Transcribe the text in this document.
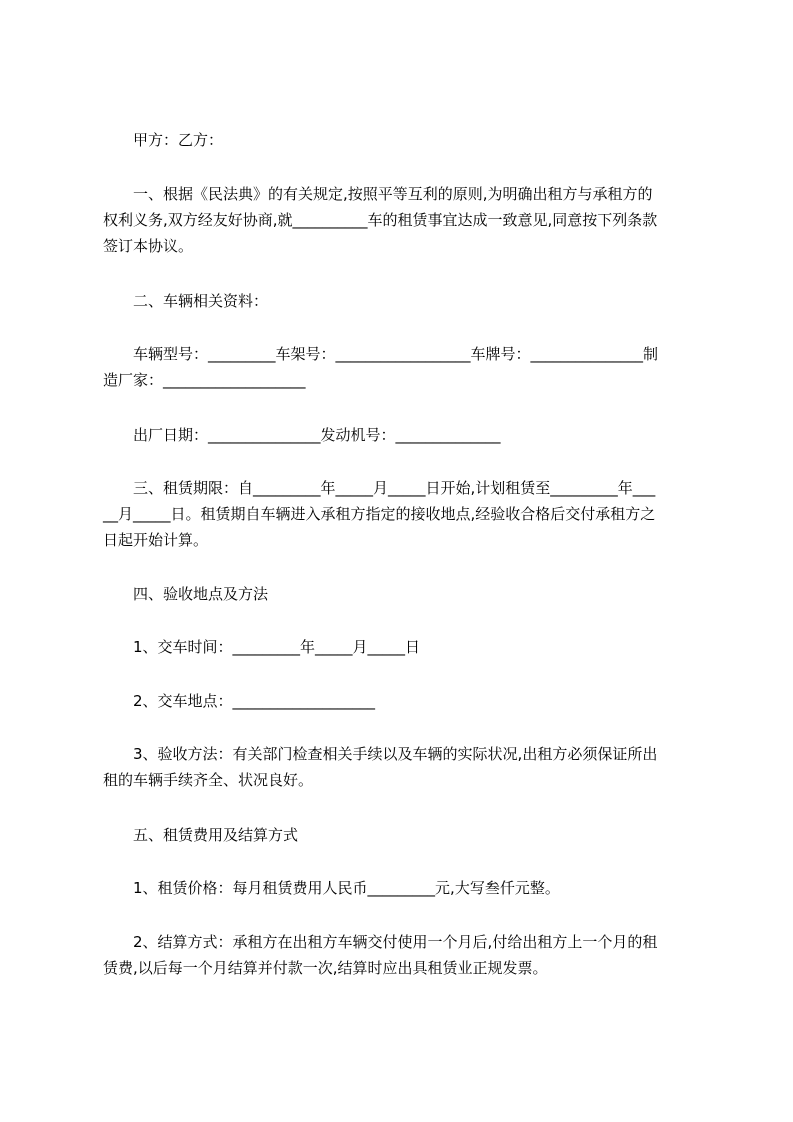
　　甲方：乙方：
　　一、根据《民法典》的有关规定,按照平等互利的原则,为明确出租方与承租方的
权利义务,双方经友好协商,就__________车的租赁事宜达成一致意见,同意按下列条款
签订本协议。
　　二、车辆相关资料：
　　车辆型号：_________车架号：__________________车牌号：_______________制
造厂家：___________________
　　出厂日期：_______________发动机号：______________
　　三、租赁期限：自_________年_____月_____日开始,计划租赁至_________年___
__月_____日。租赁期自车辆进入承租方指定的接收地点,经验收合格后交付承租方之
日起开始计算。
　　四、验收地点及方法
　　1、交车时间：_________年_____月_____日
　　2、交车地点：___________________
　　3、验收方法：有关部门检查相关手续以及车辆的实际状况,出租方必须保证所出
租的车辆手续齐全、状况良好。
　　五、租赁费用及结算方式
　　1、租赁价格：每月租赁费用人民币_________元,大写叁仟元整。
　　2、结算方式：承租方在出租方车辆交付使用一个月后,付给出租方上一个月的租
赁费,以后每一个月结算并付款一次,结算时应出具租赁业正规发票。
